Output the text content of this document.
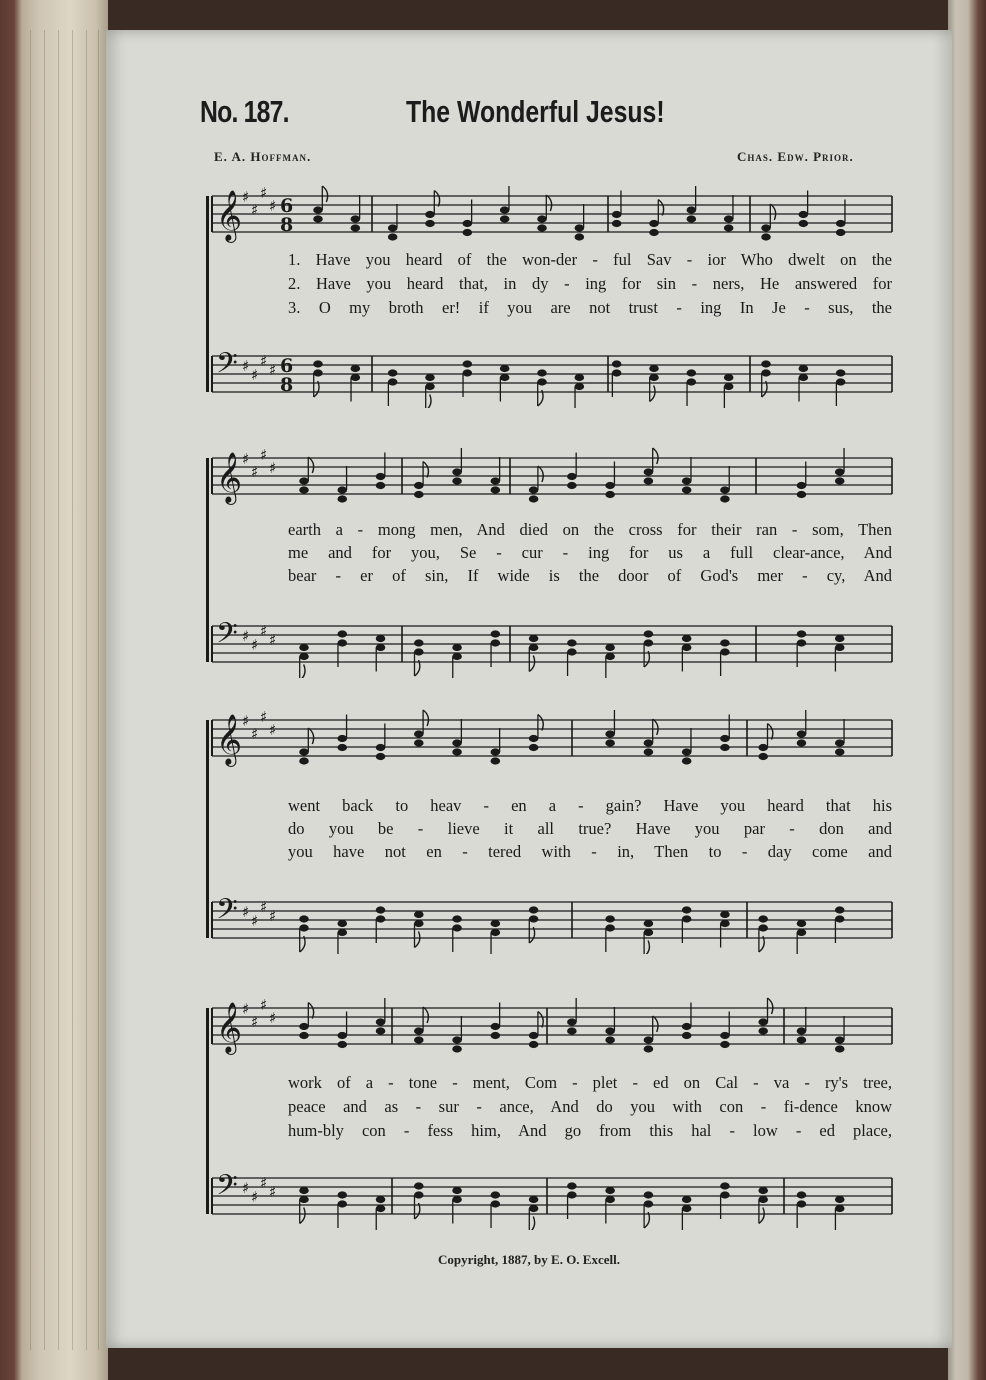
No. 187.	The Wonderful Jesus!
E. A. Hoffman.	Chas. Edw. Prior.
𝄞 ♯
♯
♯
♯ 6
8
1. Have you heard of the won-der - ful Sav - ior Who dwelt on the
2. Have you heard that, in dy - ing for sin - ners, He answered for
3. O my broth er! if you are not trust - ing In Je - sus, the
𝄢 ♯ ♯
♯ ♯ 6
8
𝄞 ♯
♯
♯
♯
earth a - mong men, And died on the cross for their ran - som, Then
me and for you, Se - cur - ing for us a full clear-ance, And
bear - er of sin, If wide is the door of God's mer - cy, And
𝄢 ♯ ♯
♯ ♯
𝄞 ♯
♯
♯
♯
went back to heav - en a - gain? Have you heard that his
do you be - lieve it all true? Have you par - don and
you have not en - tered with - in, Then to - day come and
𝄢 ♯ ♯
♯ ♯
𝄞 ♯
♯
♯
♯
work of a - tone - ment, Com - plet - ed on Cal - va - ry's tree,
peace and as - sur - ance, And do you with con - fi-dence know
hum-bly con - fess him, And go from this hal - low - ed place,
𝄢 ♯ ♯
♯ ♯
Copyright, 1887, by E. O. Excell.
